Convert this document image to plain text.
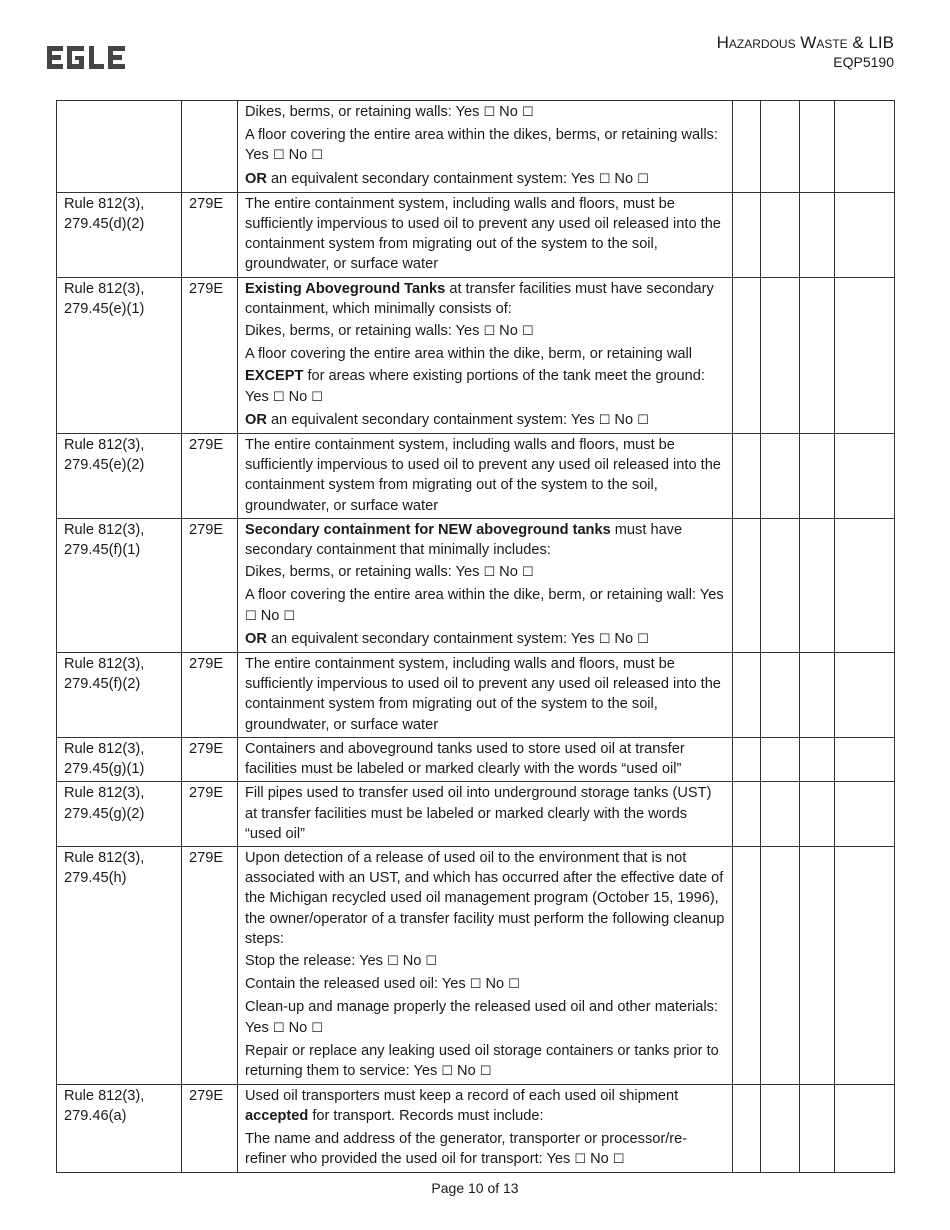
Hazardous Waste & LIB
EQP5190

		Dikes, berms, or retaining walls: Yes ☐ No ☐
A floor covering the entire area within the dikes, berms, or retaining walls: Yes ☐ No ☐
OR an equivalent secondary containment system: Yes ☐ No ☐				

Rule 812(3), 279.45(d)(2)	279E	The entire containment system, including walls and floors, must be sufficiently impervious to used oil to prevent any used oil released into the containment system from migrating out of the system to the soil, groundwater, or surface water				

Rule 812(3), 279.45(e)(1)	279E	Existing Aboveground Tanks at transfer facilities must have secondary containment, which minimally consists of:
Dikes, berms, or retaining walls: Yes ☐ No ☐
A floor covering the entire area within the dike, berm, or retaining wall
EXCEPT for areas where existing portions of the tank meet the ground: Yes ☐ No ☐
OR an equivalent secondary containment system: Yes ☐ No ☐				

Rule 812(3), 279.45(e)(2)	279E	The entire containment system, including walls and floors, must be sufficiently impervious to used oil to prevent any used oil released into the containment system from migrating out of the system to the soil, groundwater, or surface water				

Rule 812(3), 279.45(f)(1)	279E	Secondary containment for NEW aboveground tanks must have secondary containment that minimally includes:
Dikes, berms, or retaining walls: Yes ☐ No ☐
A floor covering the entire area within the dike, berm, or retaining wall: Yes ☐ No ☐
OR an equivalent secondary containment system: Yes ☐ No ☐				

Rule 812(3), 279.45(f)(2)	279E	The entire containment system, including walls and floors, must be sufficiently impervious to used oil to prevent any used oil released into the containment system from migrating out of the system to the soil, groundwater, or surface water				

Rule 812(3), 279.45(g)(1)	279E	Containers and aboveground tanks used to store used oil at transfer facilities must be labeled or marked clearly with the words “used oil”				

Rule 812(3), 279.45(g)(2)	279E	Fill pipes used to transfer used oil into underground storage tanks (UST) at transfer facilities must be labeled or marked clearly with the words “used oil”				

Rule 812(3), 279.45(h)	279E	Upon detection of a release of used oil to the environment that is not associated with an UST, and which has occurred after the effective date of the Michigan recycled used oil management program (October 15, 1996), the owner/operator of a transfer facility must perform the following cleanup steps:
Stop the release: Yes ☐ No ☐
Contain the released used oil: Yes ☐ No ☐
Clean-up and manage properly the released used oil and other materials: Yes ☐ No ☐
Repair or replace any leaking used oil storage containers or tanks prior to returning them to service: Yes ☐ No ☐				

Rule 812(3), 279.46(a)	279E	Used oil transporters must keep a record of each used oil shipment accepted for transport. Records must include:
The name and address of the generator, transporter or processor/re-refiner who provided the used oil for transport: Yes ☐ No ☐				

Page 10 of 13
